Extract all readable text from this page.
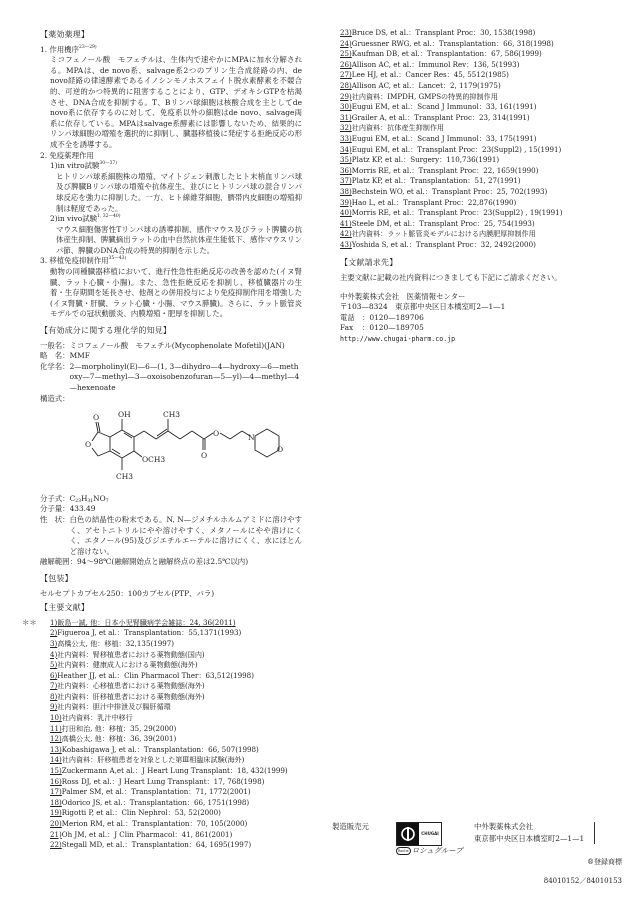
【薬効薬理】
1. 作用機序$^{23—29)}$
ミコフェノール酸　モフェチルは、生体内で速やかにMPAに加水分解される。MPAは、de novo系、salvage系2つのプリン生合成経路の内、de novo経路の律速酵素であるイノシンモノホスフェイト脱水素酵素を不競合的、可逆的かつ特異的に阻害することにより、GTP、デオキシGTPを枯渇させ、DNA合成を抑制する。T、Bリンパ球細胞は核酸合成を主としてde novo系に依存するのに対して、免疫系以外の細胞はde novo、salvage両系に依存している。MPAはsalvage系酵素には影響しないため、結果的にリンパ球細胞の増殖を選択的に抑制し、臓器移植後に発症する拒絶反応の形成不全を誘導する。
2. 免疫薬理作用
1)in vitro試験$^{30—37)}$
ヒトリンパ球系細胞株の増殖、マイトジェン刺激したヒト末梢血リンパ球及び脾臓Bリンパ球の増殖や抗体産生、並びにヒトリンパ球の混合リンパ球反応を強力に抑制した。一方、ヒト線維芽細胞、臍帯内皮細胞の増殖抑制は軽度であった。
2)in vivo試験$^{1, 32—40)}$
マウス細胞傷害性Tリンパ球の誘導抑制、感作マウス及びラット脾臓の抗体産生抑制、脾臓摘出ラットの血中自然抗体産生能低下、感作マウスリンパ節、脾臓のDNA合成の特異的抑制を示した。
3. 移植免疫抑制作用$^{35—43)}$
動物の同種臓器移植において、進行性急性拒絶反応の改善を認めた(イヌ腎臓、ラット心臓・小腸)。また、急性拒絶反応を抑制し、移植臓器片の生着・生存期間を延長させ、他剤との併用投与により免疫抑制作用を増強した(イヌ腎臓・肝臓、ラット心臓・小腸、マウス膵臓)。さらに、ラット脈管炎モデルでの冠状動脈炎、内膜増殖・肥厚を抑制した。
【有効成分に関する理化学的知見】
一般名： ミコフェノール酸　モフェチル(Mycophenolate Mofetil)(JAN)
略　名： MMF
化学名： 2—morpholinyl(E)—6—(1, 3—dihydro—4—hydroxy—6—methoxy—7—methyl—3—oxoisobenzofuran—5—yl)—4—methyl—4—hexenoate
構造式：
OH	CH3
O
O
OCH3
CH3
O
O
N
O
分子式： $C_{23}H_{31}NO_7$
分子量： 433.49
性　状： 白色の結晶性の粉末である。N, N—ジメチルホルムアミドに溶けやすく、アセトニトリルにやや溶けやすく、メタノールにやや溶けにくく、エタノール(95)及びジエチルエーテルに溶けにくく、水にほとんど溶けない。
融解範囲： 94～98℃(融解開始点と融解終点の差は2.5℃以内)
【包装】
セルセプトカプセル250：100カプセル(PTP、バラ)
【主要文献】
＊＊ 1)飯島一誠, 他：日本小児腎臓病学会雑誌：24, 36(2011)
2)Figueroa J, et al.：Transplantation：55,1371(1993)
3)高橋公太, 他：移植：32,135(1997)
4)社内資料：腎移植患者における薬物動態(国内)
5)社内資料：健康成人における薬物動態(海外)
6)Heather JJ, et al.：Clin Pharmacol Ther：63,512(1998)
7)社内資料：心移植患者における薬物動態(海外)
8)社内資料：肝移植患者における薬物動態(海外)
9)社内資料：胆汁中排泄及び腸肝循環
10)社内資料：乳汁中移行
11)打田和治, 他：移植：35, 29(2000)
12)高橋公太, 他：移植：36, 39(2001)
13)Kobashigawa J, et al.：Transplantation：66, 507(1998)
14)社内資料：肝移植患者を対象とした第Ⅲ相臨床試験(海外)
15)Zuckermann A,et al.：J Heart Lung Transplant：18, 432(1999)
16)Ross DJ, et al.：J Heart Lung Transplant：17, 768(1998)
17)Palmer SM, et al.：Transplantation：71, 1772(2001)
18)Odorico JS, et al.：Transplantation：66, 1751(1998)
19)Rigotti P, et al.：Clin Nephrol：53, 52(2000)
20)Merion RM, et al.：Transplantation：70, 105(2000)
21)Oh JM, et al.：J Clin Pharmacol：41, 861(2001)
22)Stegall MD, et al.：Transplantation：64, 1695(1997)
23)Bruce DS, et al.：Transplant Proc：30, 1538(1998)
24)Gruessner RWG, et al.：Transplantation：66, 318(1998)
25)Kaufman DB, et al.：Transplantation：67, 586(1999)
26)Allison AC, et al.：Immunol Rev：136, 5(1993)
27)Lee HJ, et al.：Cancer Res：45, 5512(1985)
28)Allison AC, et al.：Lancet：2, 1179(1975)
29)社内資料：IMPDH, GMPSの特異的抑制作用
30)Eugui EM, et al.：Scand J Immunol：33, 161(1991)
31)Grailer A, et al.：Transplant Proc：23, 314(1991)
32)社内資料：抗体産生抑制作用
33)Eugui EM, et al.：Scand J Immunol：33, 175(1991)
34)Eugui EM, et al.：Transplant Proc：23(Suppl2) , 15(1991)
35)Platz KP, et al.：Surgery：110,736(1991)
36)Morris RE, et al.：Transplant Proc：22, 1659(1990)
37)Platz KP, et al.：Transplantation：51, 27(1991)
38)Bechstein WO, et al.：Transplant Proc：25, 702(1993)
39)Hao L, et al.：Transplant Proc：22,876(1990)
40)Morris RE, et al.：Transplant Proc：23(Suppl2) , 19(1991)
41)Steele DM, et al.：Transplant Proc：25, 754(1993)
42)社内資料：ラット脈管炎モデルにおける内膜肥厚抑制作用
43)Yoshida S, et al.：Transplant Proc：32, 2492(2000)
【文献請求先】
主要文献に記載の社内資料につきましても下記にご請求ください。
中外製薬株式会社　医薬情報センター
〒103—8324　東京都中央区日本橋室町2—1—1
電話 ：0120—189706
Fax ：0120—189705
http://www.chugai-pharm.co.jp
製造販売元
CHUGAI
Roche ロシュグループ
中外製薬株式会社
東京都中央区日本橋室町2—1—1
®登録商標
84010152／84010153
